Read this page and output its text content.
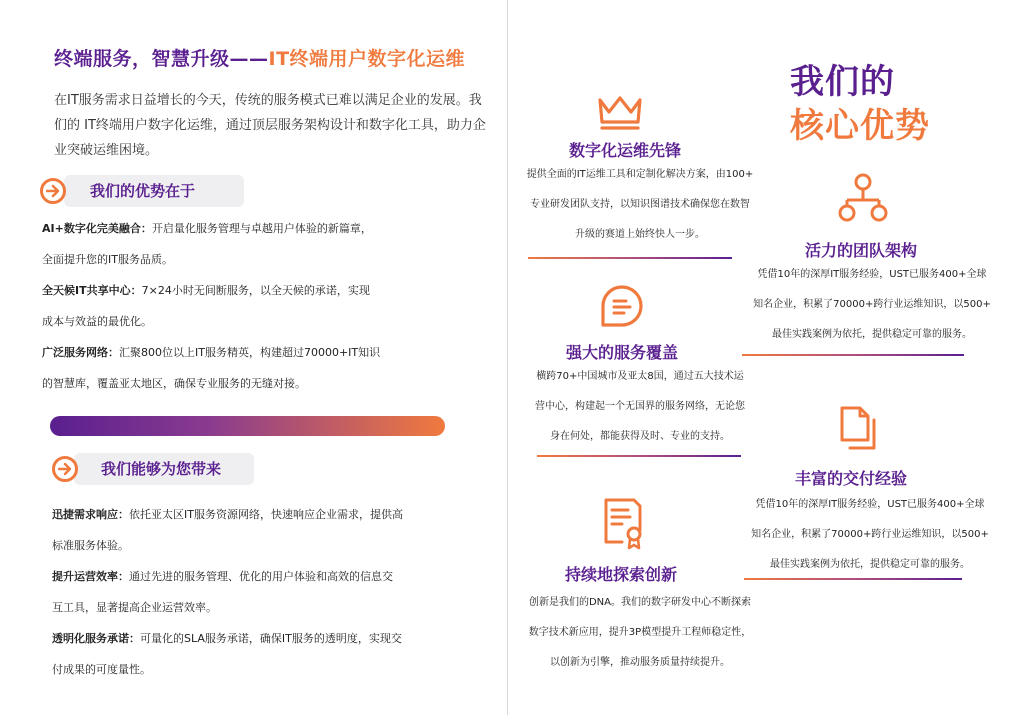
终端服务，智慧升级——IT终端用户数字化运维
在IT服务需求日益增长的今天，传统的服务模式已难以满足企业的发展。我们的 IT终端用户数字化运维，通过顶层服务架构设计和数字化工具，助力企业突破运维困境。
我们的优势在于
AI+数字化完美融合：开启量化服务管理与卓越用户体验的新篇章，
全面提升您的IT服务品质。
全天候IT共享中心：7×24小时无间断服务，以全天候的承诺，实现
成本与效益的最优化。
广泛服务网络：汇聚800位以上IT服务精英，构建超过70000+IT知识
的智慧库，覆盖亚太地区，确保专业服务的无缝对接。
我们能够为您带来
迅捷需求响应：依托亚太区IT服务资源网络，快速响应企业需求，提供高
标准服务体验。
提升运营效率：通过先进的服务管理、优化的用户体验和高效的信息交
互工具，显著提高企业运营效率。
透明化服务承诺：可量化的SLA服务承诺，确保IT服务的透明度，实现交
付成果的可度量性。
我们的
核心优势
数字化运维先锋
提供全面的IT运维工具和定制化解决方案，由100+
专业研发团队支持，以知识图谱技术确保您在数智
升级的赛道上始终快人一步。
活力的团队架构
凭借10年的深厚IT服务经验，UST已服务400+全球
知名企业，积累了70000+跨行业运维知识，以500+
最佳实践案例为依托，提供稳定可靠的服务。
强大的服务覆盖
横跨70+中国城市及亚太8国，通过五大技术运
营中心，构建起一个无国界的服务网络，无论您
身在何处，都能获得及时、专业的支持。
丰富的交付经验
凭借10年的深厚IT服务经验，UST已服务400+全球
知名企业，积累了70000+跨行业运维知识，以500+
最佳实践案例为依托，提供稳定可靠的服务。
持续地探索创新
创新是我们的DNA。我们的数字研发中心不断探索
数字技术新应用，提升3P模型提升工程师稳定性，
以创新为引擎，推动服务质量持续提升。
